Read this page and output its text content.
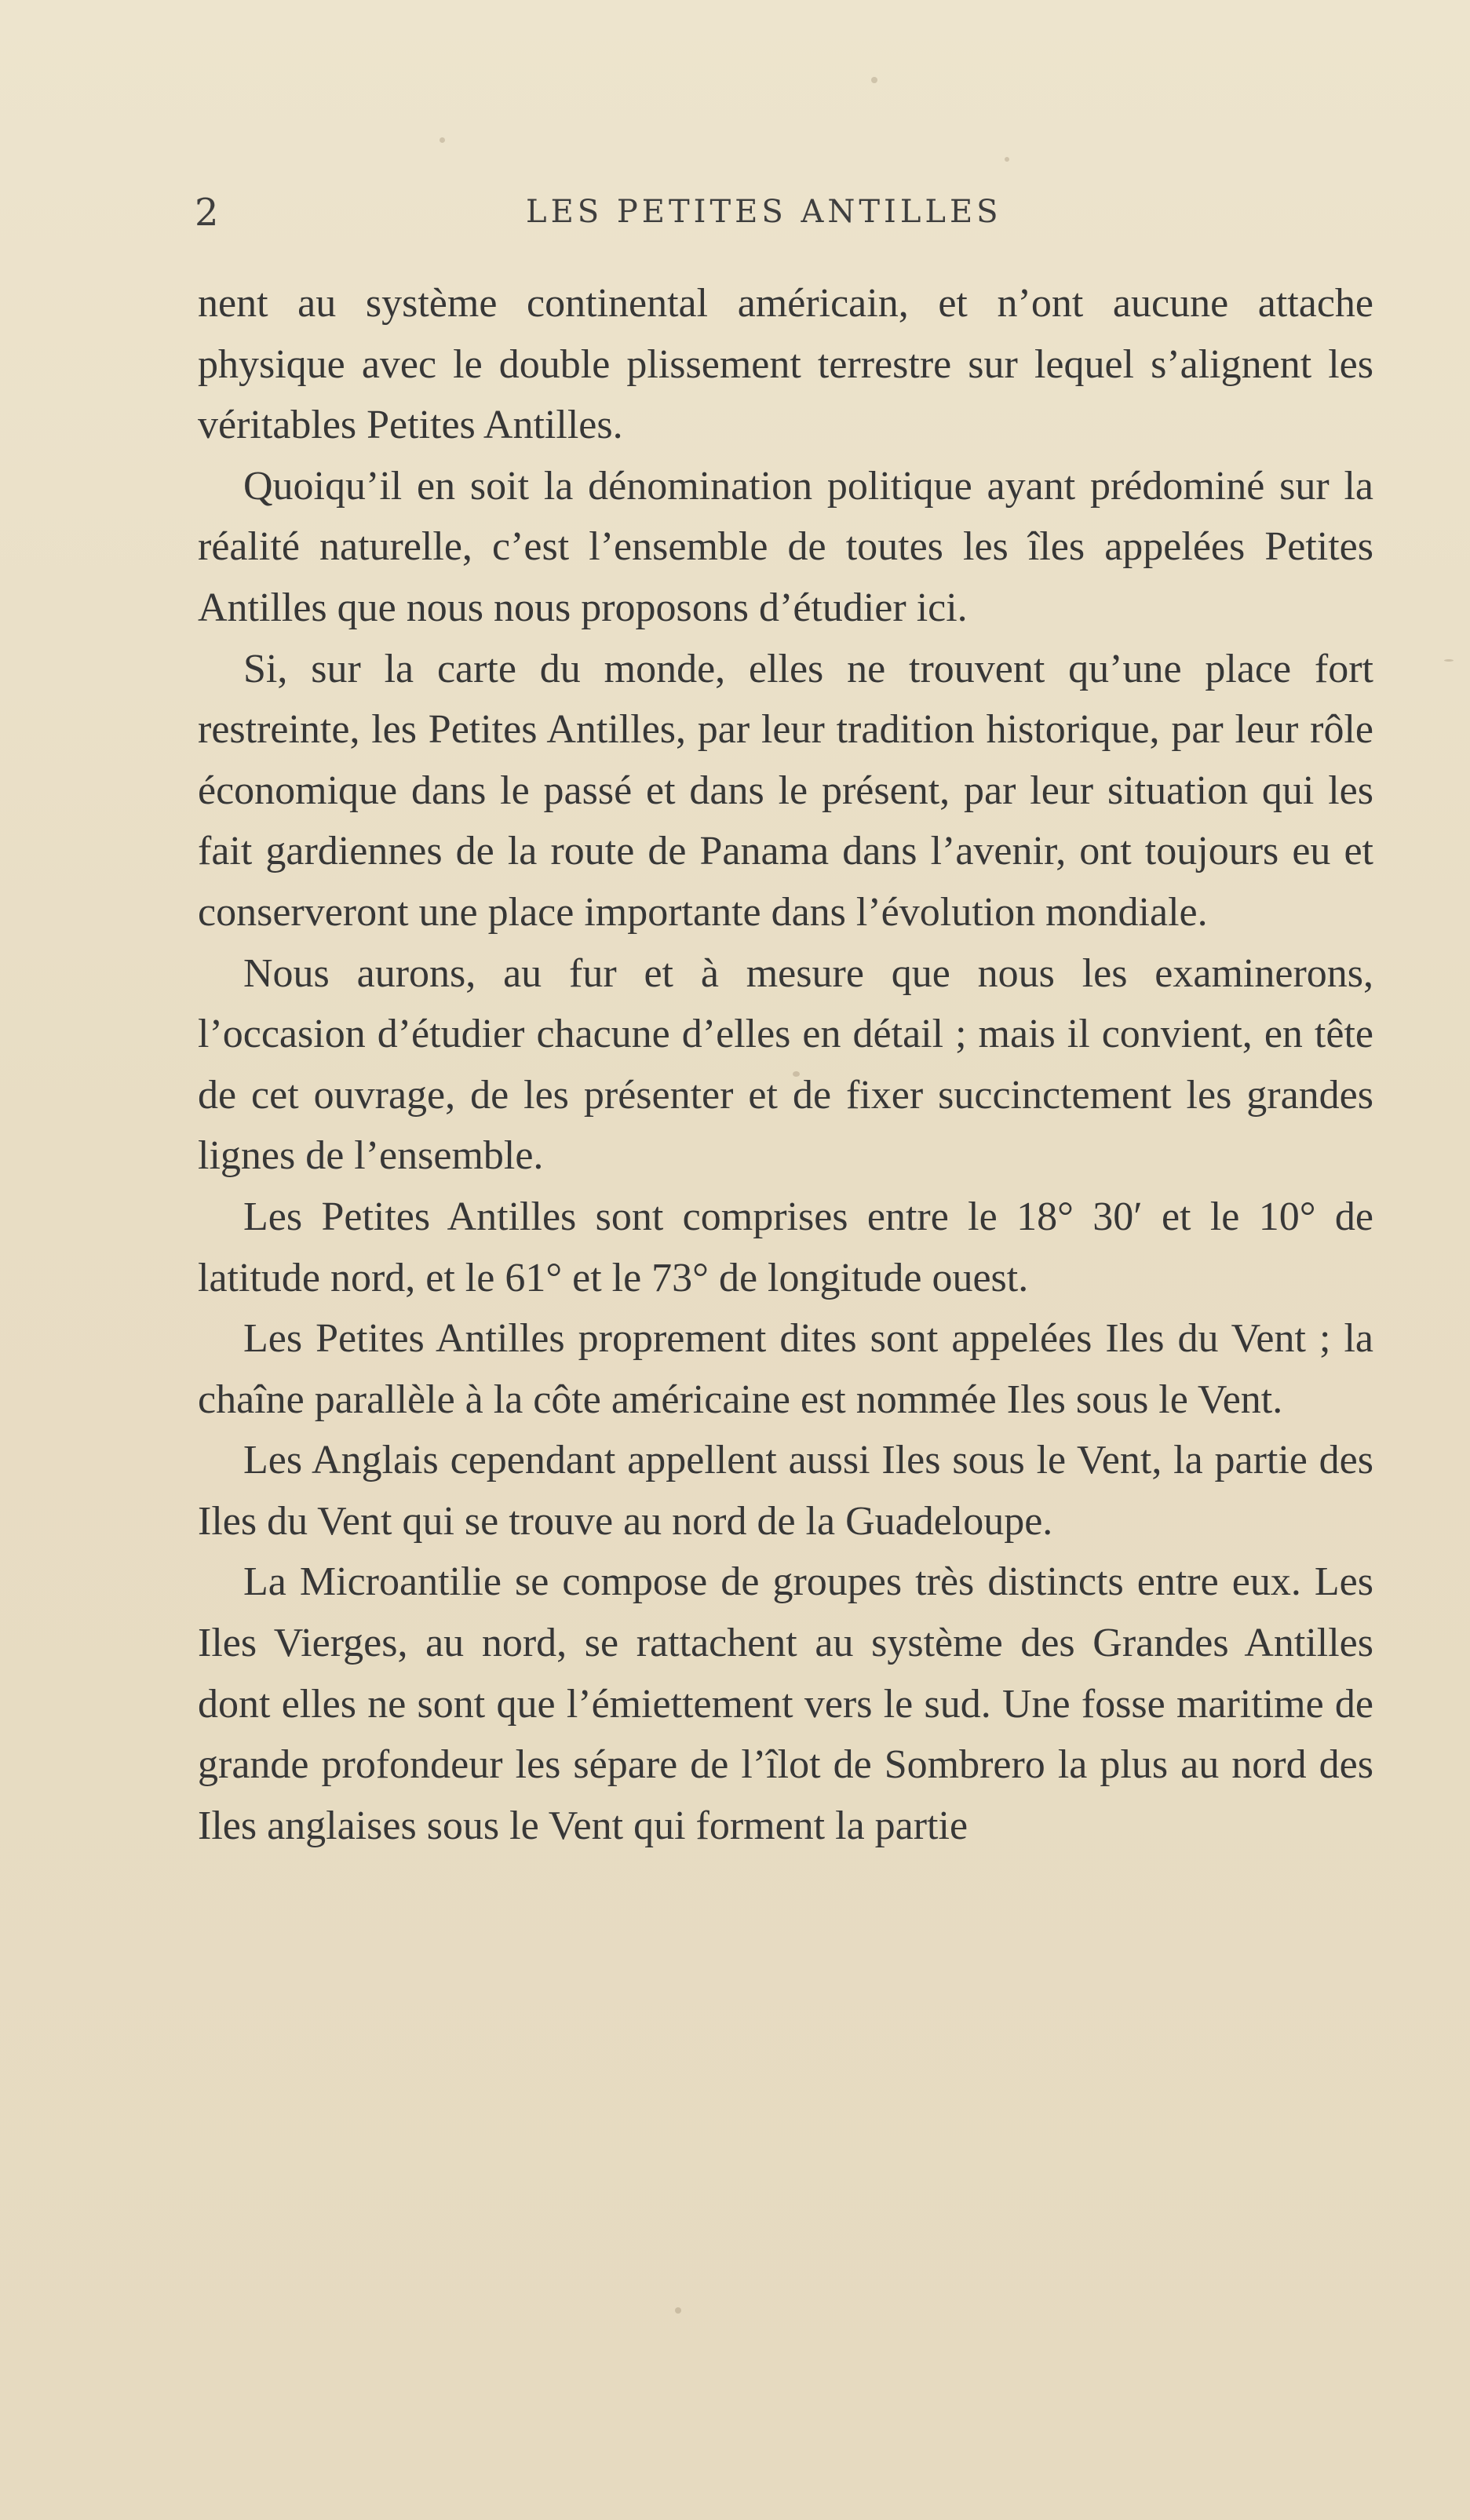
2	LES PETITES ANTILLES

nent au système continental américain, et n’ont aucune attache physique avec le double plissement terrestre sur lequel s’alignent les véritables Petites Antilles.

Quoiqu’il en soit la dénomination politique ayant prédominé sur la réalité naturelle, c’est l’ensemble de toutes les îles appelées Petites Antilles que nous nous proposons d’étudier ici.

Si, sur la carte du monde, elles ne trouvent qu’une place fort restreinte, les Petites Antilles, par leur tradition historique, par leur rôle économique dans le passé et dans le présent, par leur situation qui les fait gardiennes de la route de Panama dans l’avenir, ont toujours eu et conserveront une place importante dans l’évolution mondiale.

Nous aurons, au fur et à mesure que nous les examinerons, l’occasion d’étudier chacune d’elles en détail ; mais il convient, en tête de cet ouvrage, de les présenter et de fixer succinctement les grandes lignes de l’ensemble.

Les Petites Antilles sont comprises entre le 18° 30′ et le 10° de latitude nord, et le 61° et le 73° de longitude ouest.

Les Petites Antilles proprement dites sont appelées Iles du Vent ; la chaîne parallèle à la côte américaine est nommée Iles sous le Vent.

Les Anglais cependant appellent aussi Iles sous le Vent, la partie des Iles du Vent qui se trouve au nord de la Guadeloupe.

La Microantilie se compose de groupes très distincts entre eux. Les Iles Vierges, au nord, se rattachent au système des Grandes Antilles dont elles ne sont que l’émiettement vers le sud. Une fosse maritime de grande profondeur les sépare de l’îlot de Sombrero la plus au nord des Iles anglaises sous le Vent qui forment la partie
